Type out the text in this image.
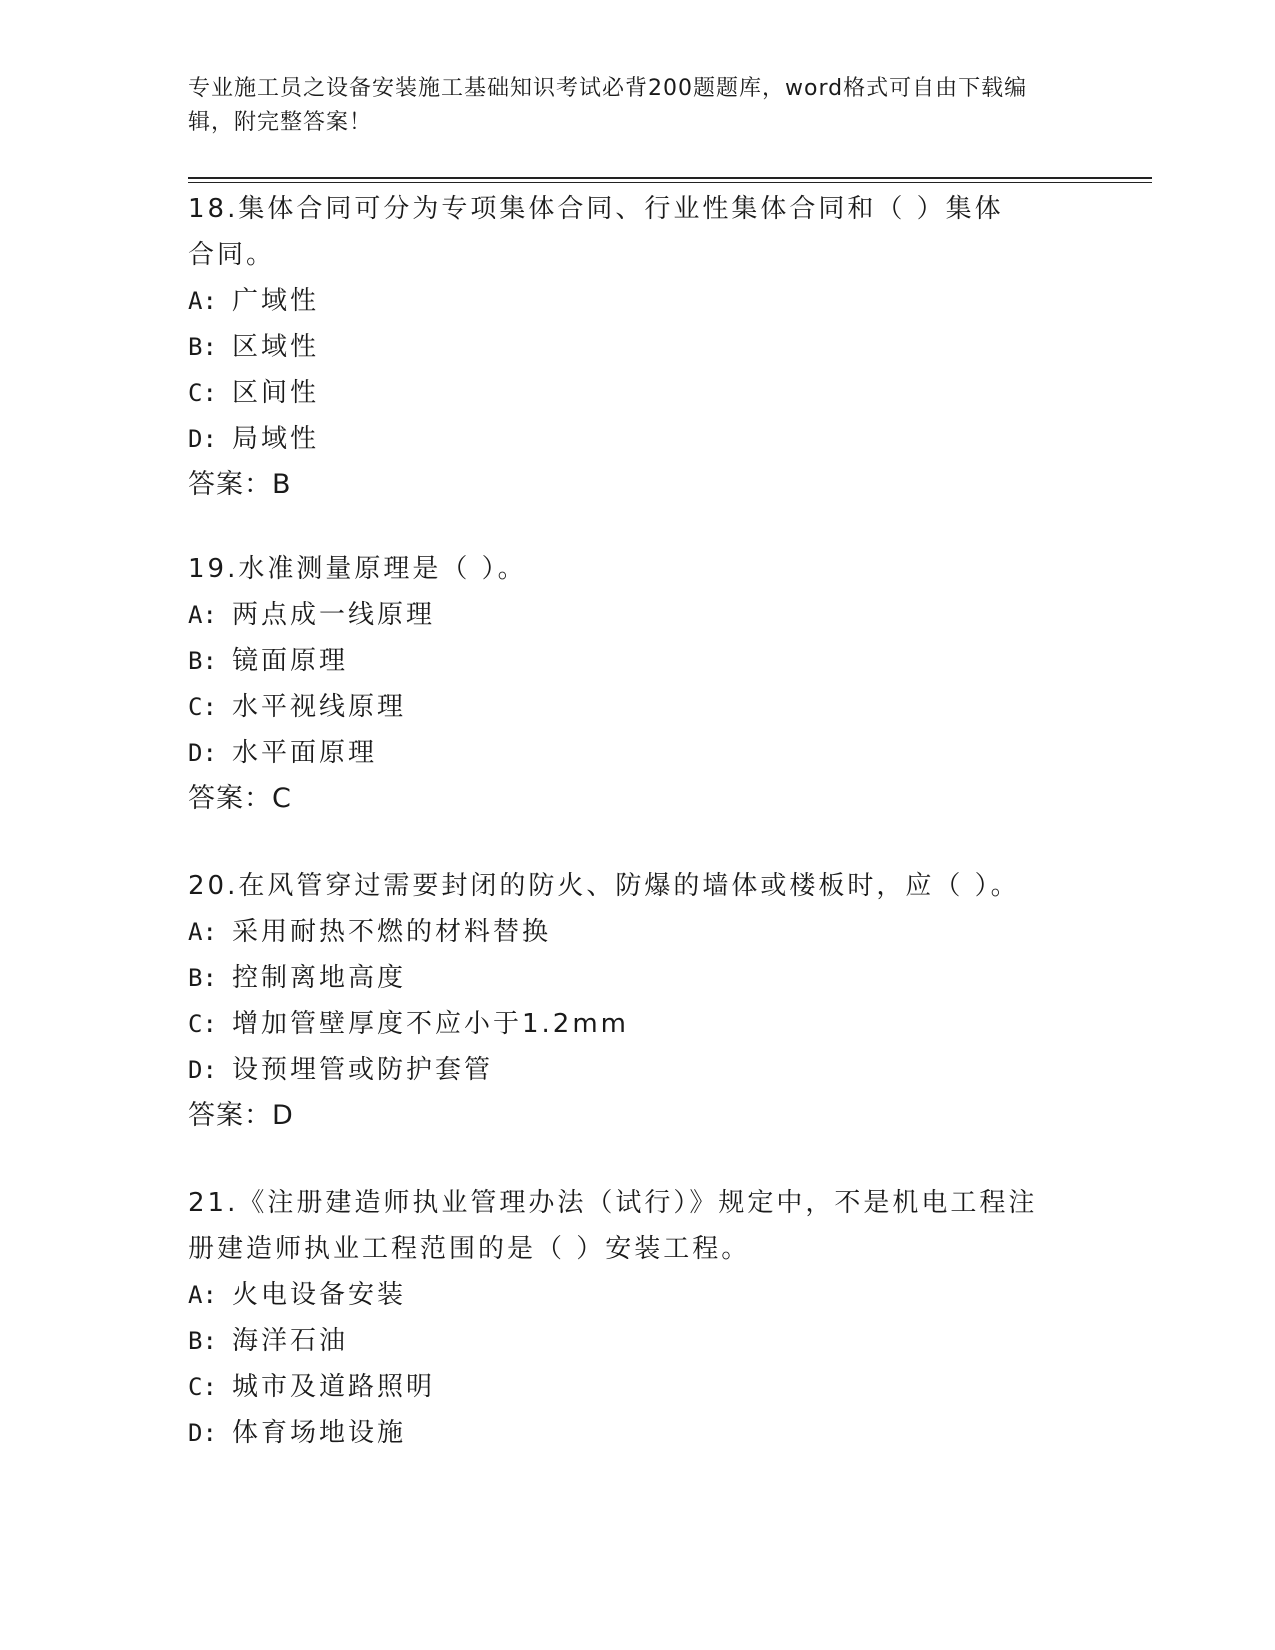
专业施工员之设备安装施工基础知识考试必背200题题库，word格式可自由下载编辑，附完整答案！
18.集体合同可分为专项集体合同、行业性集体合同和（ ）集体合同。
A: 广域性
B: 区域性
C: 区间性
D: 局域性
答案：B
19.水准测量原理是（ ）。
A: 两点成一线原理
B: 镜面原理
C: 水平视线原理
D: 水平面原理
答案：C
20.在风管穿过需要封闭的防火、防爆的墙体或楼板时，应（ ）。
A: 采用耐热不燃的材料替换
B: 控制离地高度
C: 增加管壁厚度不应小于1.2mm
D: 设预埋管或防护套管
答案：D
21.《注册建造师执业管理办法（试行）》规定中，不是机电工程注册建造师执业工程范围的是（ ）安装工程。
A: 火电设备安装
B: 海洋石油
C: 城市及道路照明
D: 体育场地设施
